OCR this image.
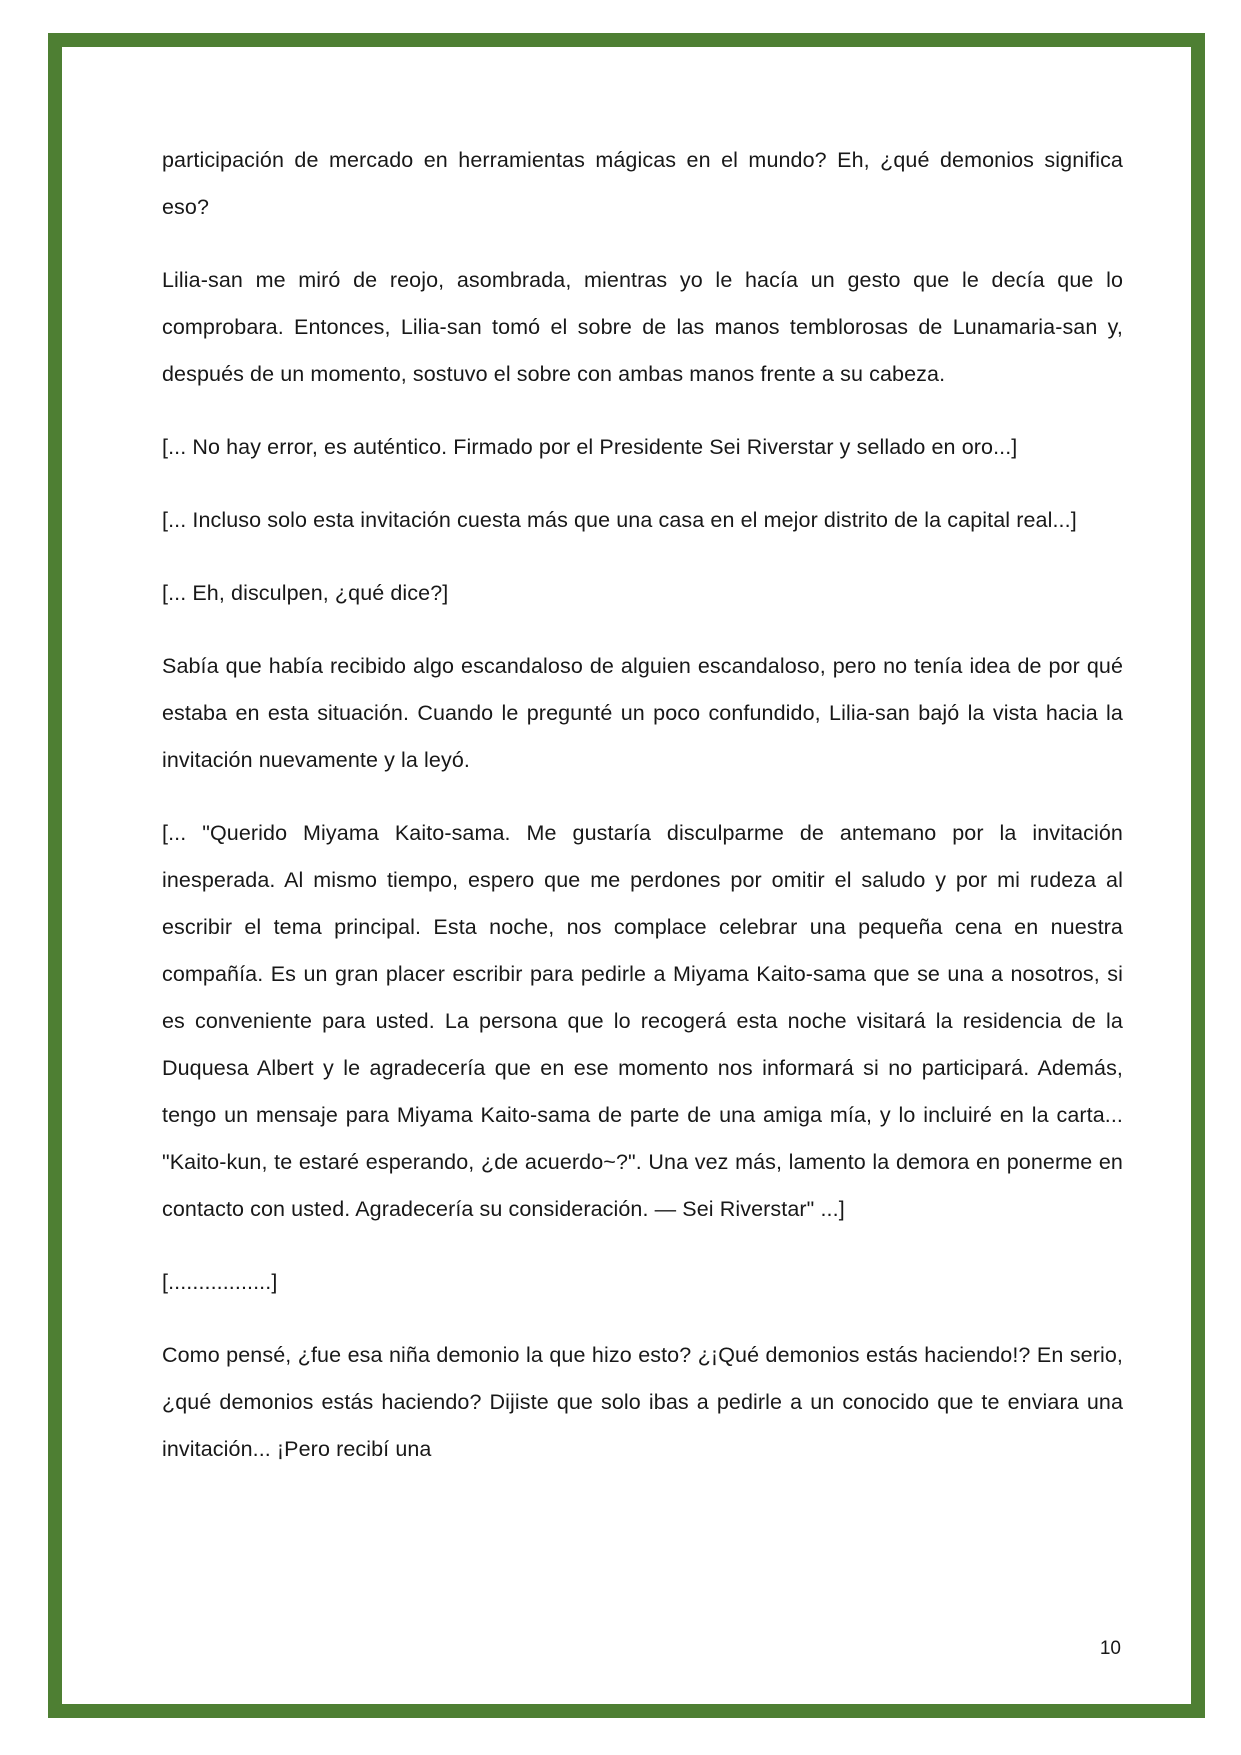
participación de mercado en herramientas mágicas en el mundo? Eh, ¿qué demonios significa eso?

Lilia-san me miró de reojo, asombrada, mientras yo le hacía un gesto que le decía que lo comprobara. Entonces, Lilia-san tomó el sobre de las manos temblorosas de Lunamaria-san y, después de un momento, sostuvo el sobre con ambas manos frente a su cabeza.

[... No hay error, es auténtico. Firmado por el Presidente Sei Riverstar y sellado en oro...]

[... Incluso solo esta invitación cuesta más que una casa en el mejor distrito de la capital real...]

[... Eh, disculpen, ¿qué dice?]

Sabía que había recibido algo escandaloso de alguien escandaloso, pero no tenía idea de por qué estaba en esta situación. Cuando le pregunté un poco confundido, Lilia-san bajó la vista hacia la invitación nuevamente y la leyó.

[... "Querido Miyama Kaito-sama. Me gustaría disculparme de antemano por la invitación inesperada. Al mismo tiempo, espero que me perdones por omitir el saludo y por mi rudeza al escribir el tema principal. Esta noche, nos complace celebrar una pequeña cena en nuestra compañía. Es un gran placer escribir para pedirle a Miyama Kaito-sama que se una a nosotros, si es conveniente para usted. La persona que lo recogerá esta noche visitará la residencia de la Duquesa Albert y le agradecería que en ese momento nos informará si no participará. Además, tengo un mensaje para Miyama Kaito-sama de parte de una amiga mía, y lo incluiré en la carta... "Kaito-kun, te estaré esperando, ¿de acuerdo~?". Una vez más, lamento la demora en ponerme en contacto con usted. Agradecería su consideración. — Sei Riverstar" ...]

[.................]

Como pensé, ¿fue esa niña demonio la que hizo esto? ¿¡Qué demonios estás haciendo!? En serio, ¿qué demonios estás haciendo? Dijiste que solo ibas a pedirle a un conocido que te enviara una invitación... ¡Pero recibí una

10
